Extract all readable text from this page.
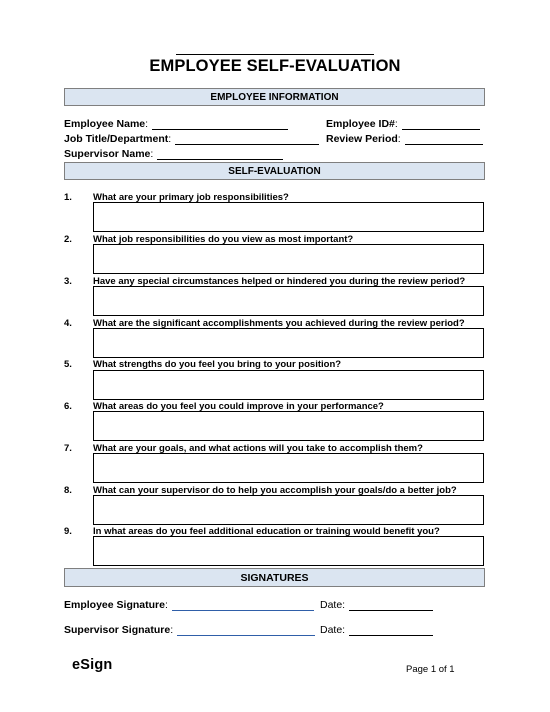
EMPLOYEE SELF-EVALUATION
EMPLOYEE INFORMATION
Employee Name :	Employee ID# :
Job Title/Department :	Review Period :
Supervisor Name :
SELF-EVALUATION
1. What are your primary job responsibilities?
2. What job responsibilities do you view as most important?
3. Have any special circumstances helped or hindered you during the review period?
4. What are the significant accomplishments you achieved during the review period?
5. What strengths do you feel you bring to your position?
6. What areas do you feel you could improve in your performance?
7. What are your goals, and what actions will you take to accomplish them?
8. What can your supervisor do to help you accomplish your goals/do a better job?
9. In what areas do you feel additional education or training would benefit you?
SIGNATURES
Employee Signature :	Date:
Supervisor Signature :	Date:
eSign	Page 1 of 1
